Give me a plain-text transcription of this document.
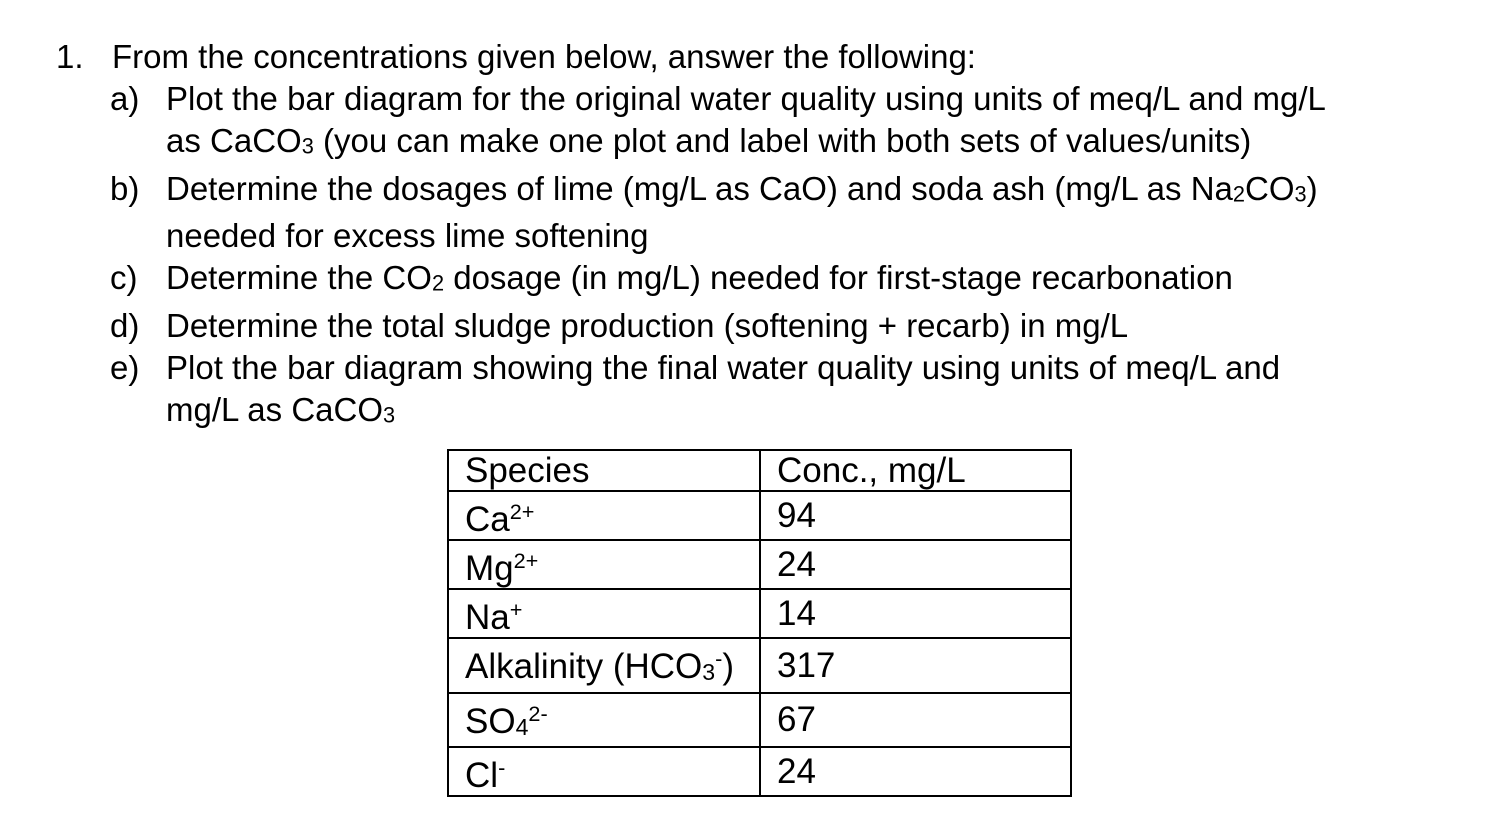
1. From the concentrations given below, answer the following:
a) Plot the bar diagram for the original water quality using units of meq/L and mg/L
as CaCO3 (you can make one plot and label with both sets of values/units)
b) Determine the dosages of lime (mg/L as CaO) and soda ash (mg/L as Na2CO3)
needed for excess lime softening
c) Determine the CO2 dosage (in mg/L) needed for first-stage recarbonation
d) Determine the total sludge production (softening + recarb) in mg/L
e) Plot the bar diagram showing the final water quality using units of meq/L and
mg/L as CaCO3
Species	Conc., mg/L
$Ca^{2+}$	94
$Mg^{2+}$	24
Na+	14
Alkalinity (HCO3-)	317
$SO4^{2-}$	67
Cl-	24
